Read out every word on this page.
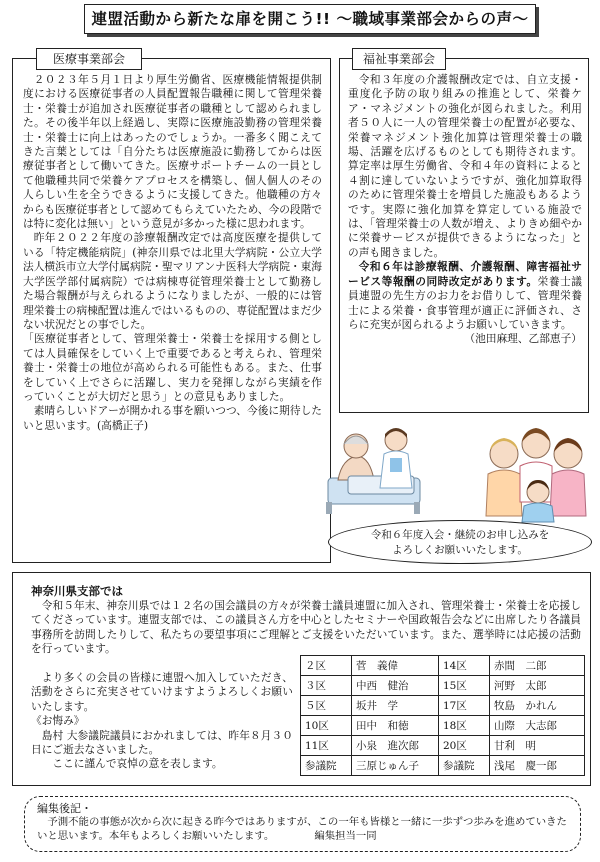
連盟活動から新たな扉を開こう!! ～職域事業部会からの声～

２０２３年５月１日より厚生労働省、医療機能情報提供制度における医療従事者の人員配置報告職種に関して管理栄養士・栄養士が追加され医療従事者の職種として認められました。その後半年以上経過し、実際に医療施設勤務の管理栄養士・栄養士に向上はあったのでしょうか。一番多く聞こえてきた言葉としては「自分たちは医療施設に勤務してからは医療従事者として働いてきた。医療サポートチームの一員として他職種共同で栄養ケアプロセスを構築し、個人個人のその人らしい生を全うできるように支援してきた。他職種の方々からも医療従事者として認めてもらえていたため、今の段階では特に変化は無い」という意見が多かった様に思われます。

昨年２０２２年度の診療報酬改定では高度医療を提供している「特定機能病院」(神奈川県では北里大学病院・公立大学法人横浜市立大学付属病院・聖マリアンナ医科大学病院・東海大学医学部付属病院）では病棟専従管理栄養士として勤務した場合報酬が与えられるようになりましたが、一般的には管理栄養士の病棟配置は進んではいるものの、専従配置はまだ少ない状況だとの事でした。

「医療従事者として、管理栄養士・栄養士を採用する側としては人員確保をしていく上で重要であると考えられ、管理栄養士・栄養士の地位が高められる可能性もある。また、仕事をしていく上でさらに活躍し、実力を発揮しながら実績を作っていくことが大切だと思う」との意見もありました。

素晴らしいドアーが開かれる事を願いつつ、今後に期待したいと思います。(高橋正子)

医療事業部会

令和３年度の介護報酬改定では、自立支援・重度化予防の取り組みの推進として、栄養ケア・マネジメントの強化が図られました。利用者５０人に一人の管理栄養士の配置が必要な、栄養マネジメント強化加算は管理栄養士の職場、活躍を広げるものとしても期待されます。算定率は厚生労働省、令和４年の資料によると４割に達していないようですが、強化加算取得のために管理栄養士を増員した施設もあるようです。実際に強化加算を算定している施設では、「管理栄養士の人数が増え、よりきめ細やかに栄養サービスが提供できるようになった」との声も聞きました。

令和６年は診療報酬、介護報酬、障害福祉サービス等報酬の同時改定があります。栄養士議員連盟の先生方のお力をお借りして、管理栄養士による栄養・食事管理が適正に評価され、さらに充実が図られるようお願いしていきます。

（池田麻理、乙部恵子）

福祉事業部会
令和６年度入会・継続のお申し込みを
よろしくお願いいたします。
神奈川県支部では

令和５年末、神奈川県では１２名の国会議員の方々が栄養士議員連盟に加入され、管理栄養士・栄養士を応援してくださっています。連盟支部では、この議員さん方を中心としたセミナーや国政報告会などに出席したり各議員事務所を訪問したりして、私たちの要望事項にご理解とご支援をいただいています。また、選挙時には応援の活動を行っています。

より多くの会員の皆様に連盟へ加入していただき、活動をさらに充実させていけますようよろしくお願いいたします。

《お悔み》

島村 大参議院議員におかれましては、昨年８月３０日にご逝去なさいました。

ここに謹んで哀悼の意を表します。

２区	菅　義偉	14区	赤間　二郎
３区	中西　健治	15区	河野　太郎
５区	坂井　学	17区	牧島　かれん
10区	田中　和徳	18区	山際　大志郎
11区	小泉　進次郎	20区	甘利　明
参議院	三原じゅん子	参議院	浅尾　慶一郎
編集後記・
予測不能の事態が次から次に起きる昨今ではありますが、この一年も皆様と一緒に一歩ずつ歩みを進めていきたいと思います。本年もよろしくお願いいたします。	編集担当一同
